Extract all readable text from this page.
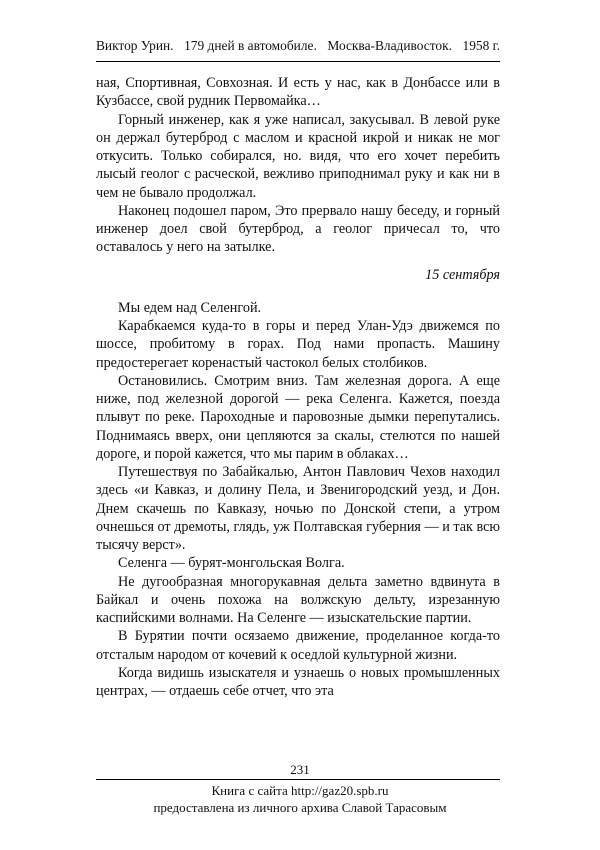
Виктор Урин. 179 дней в автомобиле. Москва-Владивосток. 1958 г.

ная, Спортивная, Совхозная. И есть у нас, как в Донбассе или в Кузбассе, свой рудник Первомайка…

Горный инженер, как я уже написал, закусывал. В левой руке он держал бутерброд с маслом и красной икрой и никак не мог откусить. Только собирался, но. видя, что его хочет перебить лысый геолог с расческой, вежливо приподнимал руку и как ни в чем не бывало продолжал.

Наконец подошел паром, Это прервало нашу беседу, и горный инженер доел свой бутерброд, а геолог причесал то, что оставалось у него на затылке.

15 сентября

Мы едем над Селенгой.

Карабкаемся куда-то в горы и перед Улан-Удэ движемся по шоссе, пробитому в горах. Под нами пропасть. Машину предостерегает коренастый частокол белых столбиков.

Остановились. Смотрим вниз. Там железная дорога. А еще ниже, под железной дорогой — река Селенга. Кажется, поезда плывут по реке. Пароходные и паровозные дымки перепутались. Поднимаясь вверх, они цепляются за скалы, стелются по нашей дороге, и порой кажется, что мы парим в облаках…

Путешествуя по Забайкалью, Антон Павлович Чехов находил здесь «и Кавказ, и долину Пела, и Звенигородский уезд, и Дон. Днем скачешь по Кавказу, ночью по Донской степи, а утром очнешься от дремоты, глядь, уж Полтавская губерния — и так всю тысячу верст».

Селенга — бурят-монгольская Волга.

Не дугообразная многорукавная дельта заметно вдвинута в Байкал и очень похожа на волжскую дельту, изрезанную каспийскими волнами. На Селенге — изыскательские партии.

В Бурятии почти осязаемо движение, проделанное когда-то отсталым народом от кочевий к оседлой культурной жизни.

Когда видишь изыскателя и узнаешь о новых промышленных центрах, — отдаешь себе отчет, что эта

231
Книга с сайта http://gaz20.spb.ru
предоставлена из личного архива Славой Тарасовым
